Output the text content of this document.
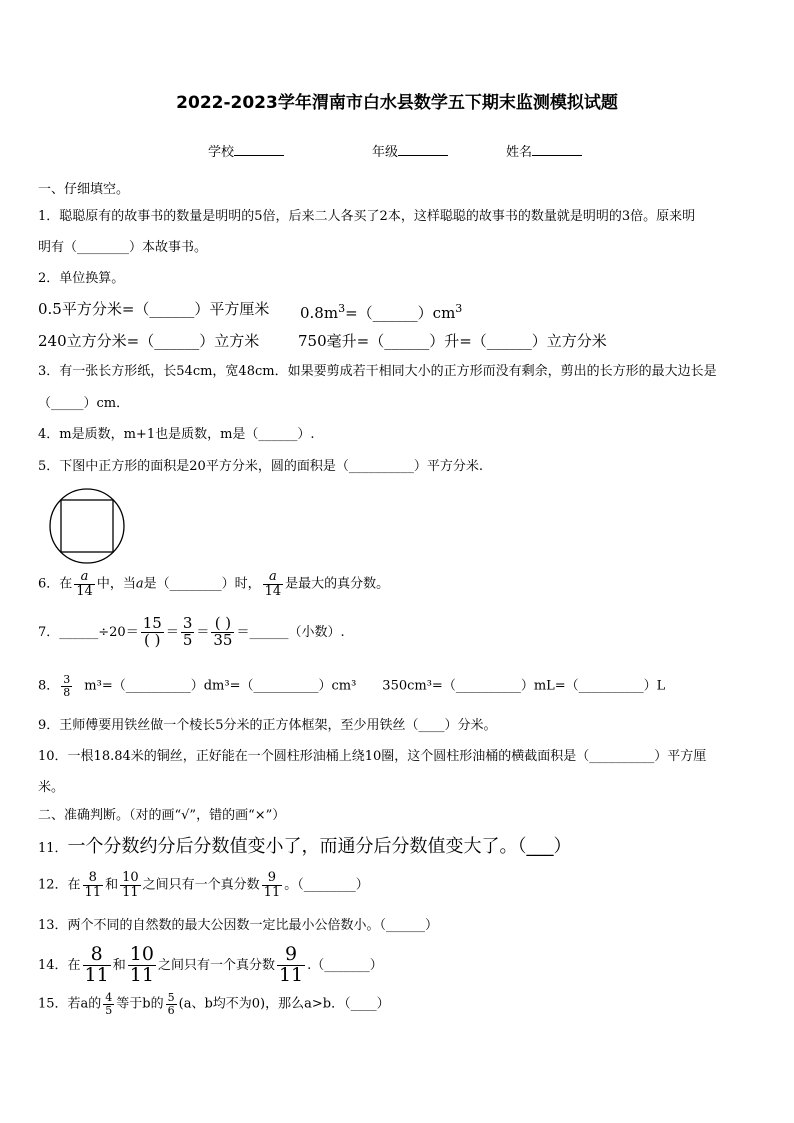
2022-2023学年渭南市白水县数学五下期末监测模拟试题
学校	年级	姓名
一、仔细填空。
1．聪聪原有的故事书的数量是明明的5倍，后来二人各买了2本，这样聪聪的故事书的数量就是明明的3倍。原来明
明有（________）本故事书。
2．单位换算。
0.5平方分米=（______）平方厘米 $0.8m^3=(\_\_\_\_\_\_)cm^3$
240立方分米=（______）立方米	750毫升=（______）升=（______）立方分米
3．有一张长方形纸，长54cm，宽48cm．如果要剪成若干相同大小的正方形而没有剩余，剪出的长方形的最大边长是
（_____）cm．
4．m是质数，m+1也是质数，m是（______）.
5．下图中正方形的面积是20平方分米，圆的面积是（__________）平方分米.
6．在 $\frac{a}{14}$ 中，当a是（________）时， $\frac{a}{14}$ 是最大的真分数。
7．______÷20＝ $\frac{15}{( )} = \frac{3}{5} = \frac{( )}{35}$ ＝______（小数）.
8． $\frac{3}{8}$ m³=（__________）dm³=（__________）cm³ 350cm³=（__________）mL=（__________）L
9．王师傅要用铁丝做一个棱长5分米的正方体框架，至少用铁丝（____）分米。
10．一根18.84米的铜丝，正好能在一个圆柱形油桶上绕10圈，这个圆柱形油桶的横截面积是（__________）平方厘
米。
二、准确判断。（对的画“√”，错的画“×”）
11．一个分数约分后分数值变小了，而通分后分数值变大了。（___）
12．在 $\frac{8}{11}$ 和 $\frac{10}{11}$ 之间只有一个真分数 $\frac{9}{11}$ 。（________）
13．两个不同的自然数的最大公因数一定比最小公倍数小。（______）
14．在 $\frac{8}{11}$ 和 $\frac{10}{11}$ 之间只有一个真分数 $\frac{9}{11}$ .（_______）
15．若a的 $\frac{4}{5}$ 等于b的 $\frac{5}{6} (a$、b均不为0)，那么a>b．（____）
